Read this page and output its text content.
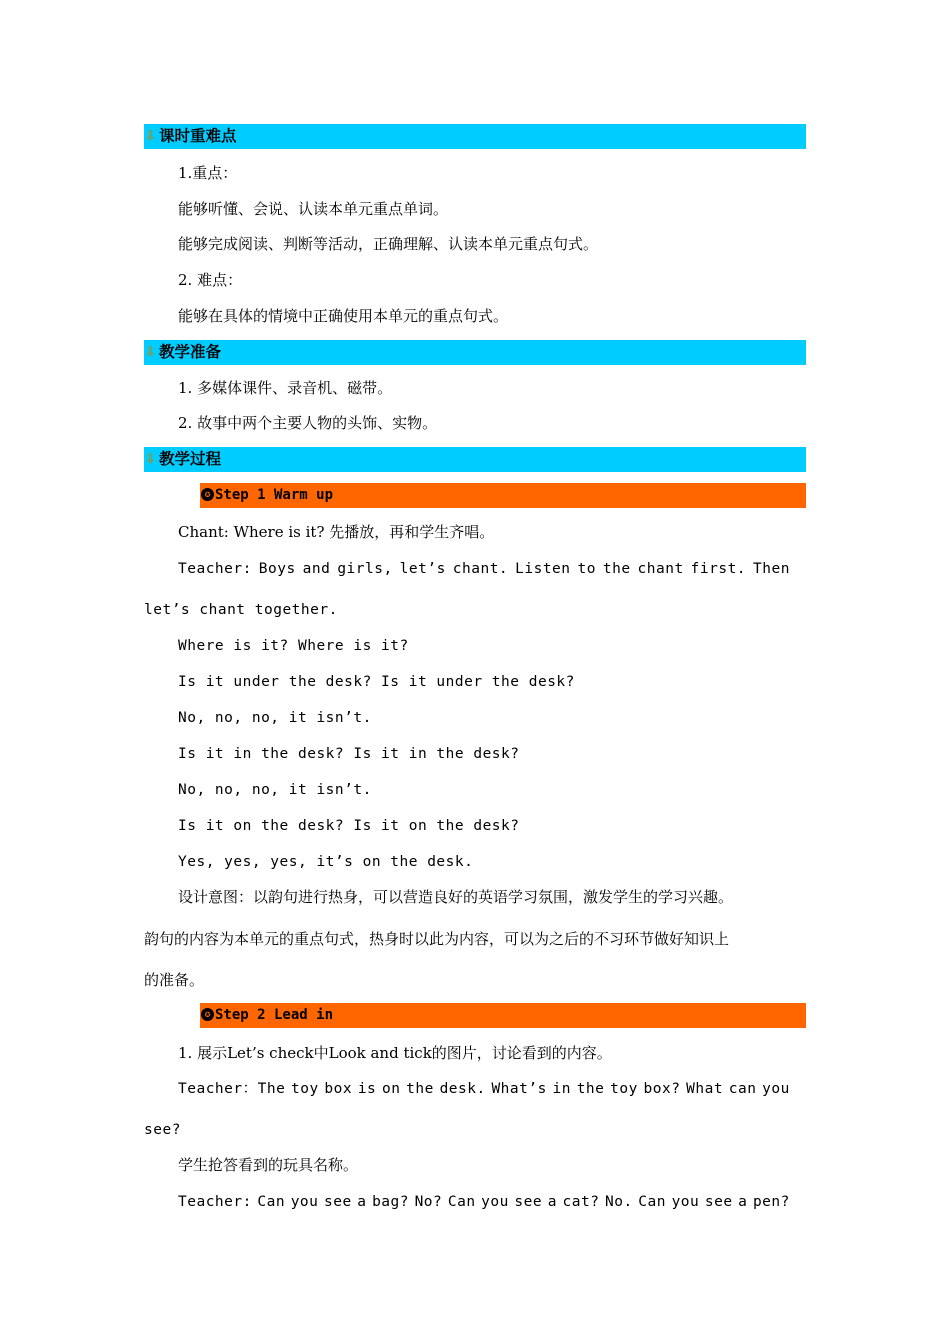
⇩ 课时重难点
1.重点：
能够听懂、会说、认读本单元重点单词。
能够完成阅读、判断等活动，正确理解、认读本单元重点句式。
2. 难点：
能够在具体的情境中正确使用本单元的重点句式。
⇩ 教学准备
1. 多媒体课件、录音机、磁带。
2. 故事中两个主要人物的头饰、实物。
⇩ 教学过程
✪ Step 1 Warm up
Chant: Where is it? 先播放，再和学生齐唱。
Teacher: Boys and girls, let’s chant. Listen to the chant first. Then
let’s chant together.
Where is it? Where is it?
Is it under the desk? Is it under the desk?
No, no, no, it isn’t.
Is it in the desk? Is it in the desk?
No, no, no, it isn’t.
Is it on the desk? Is it on the desk?
Yes, yes, yes, it’s on the desk.
设计意图：以韵句进行热身，可以营造良好的英语学习氛围，激发学生的学习兴趣。
韵句的内容为本单元的重点句式，热身时以此为内容，可以为之后的不习环节做好知识上
的准备。
✪ Step 2 Lead in
1. 展示Let’s check中Look and tick的图片，讨论看到的内容。
Teacher：The toy box is on the desk. What’s in the toy box? What can you
see?
学生抢答看到的玩具名称。
Teacher: Can you see a bag? No? Can you see a cat? No. Can you see a pen?
